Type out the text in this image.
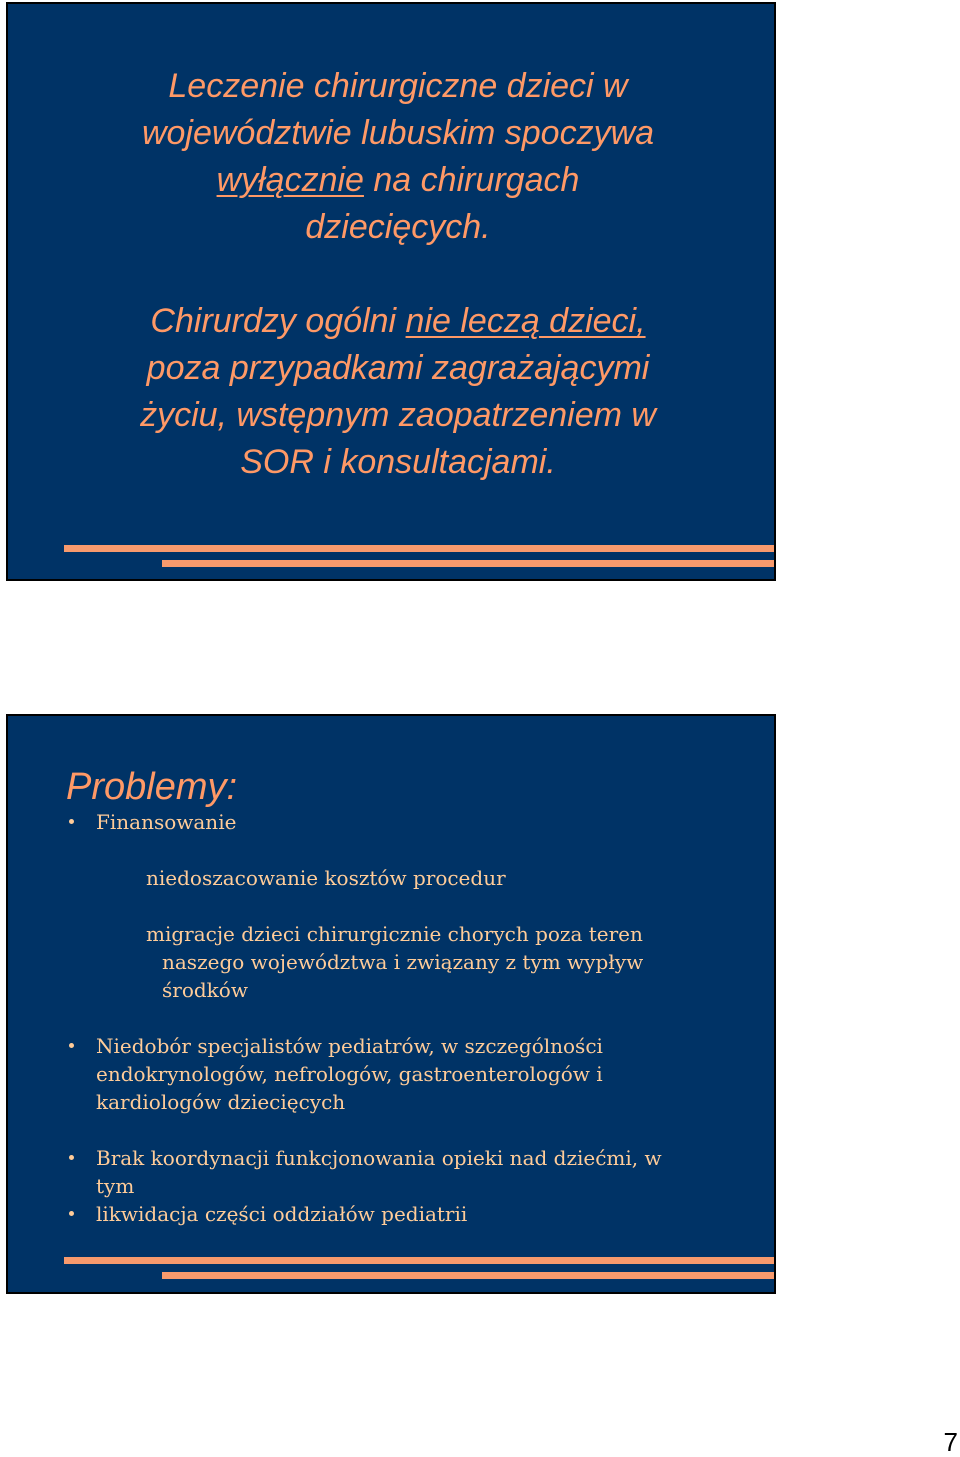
Leczenie chirurgiczne dzieci w
województwie lubuskim spoczywa
wyłącznie na chirurgach
dziecięcych.
Chirurdzy ogólni nie leczą dzieci,
poza przypadkami zagrażającymi
życiu, wstępnym zaopatrzeniem w
SOR i konsultacjami.
Problemy:

Finansowanie

niedoszacowanie kosztów procedur

migracje dzieci chirurgicznie chorych poza teren
naszego województwa i związany z tym wypływ
środków

Niedobór specjalistów pediatrów, w szczególności
endokrynologów, nefrologów, gastroenterologów i
kardiologów dziecięcych

Brak koordynacji funkcjonowania opieki nad dziećmi, w
tym

likwidacja części oddziałów pediatrii

7
